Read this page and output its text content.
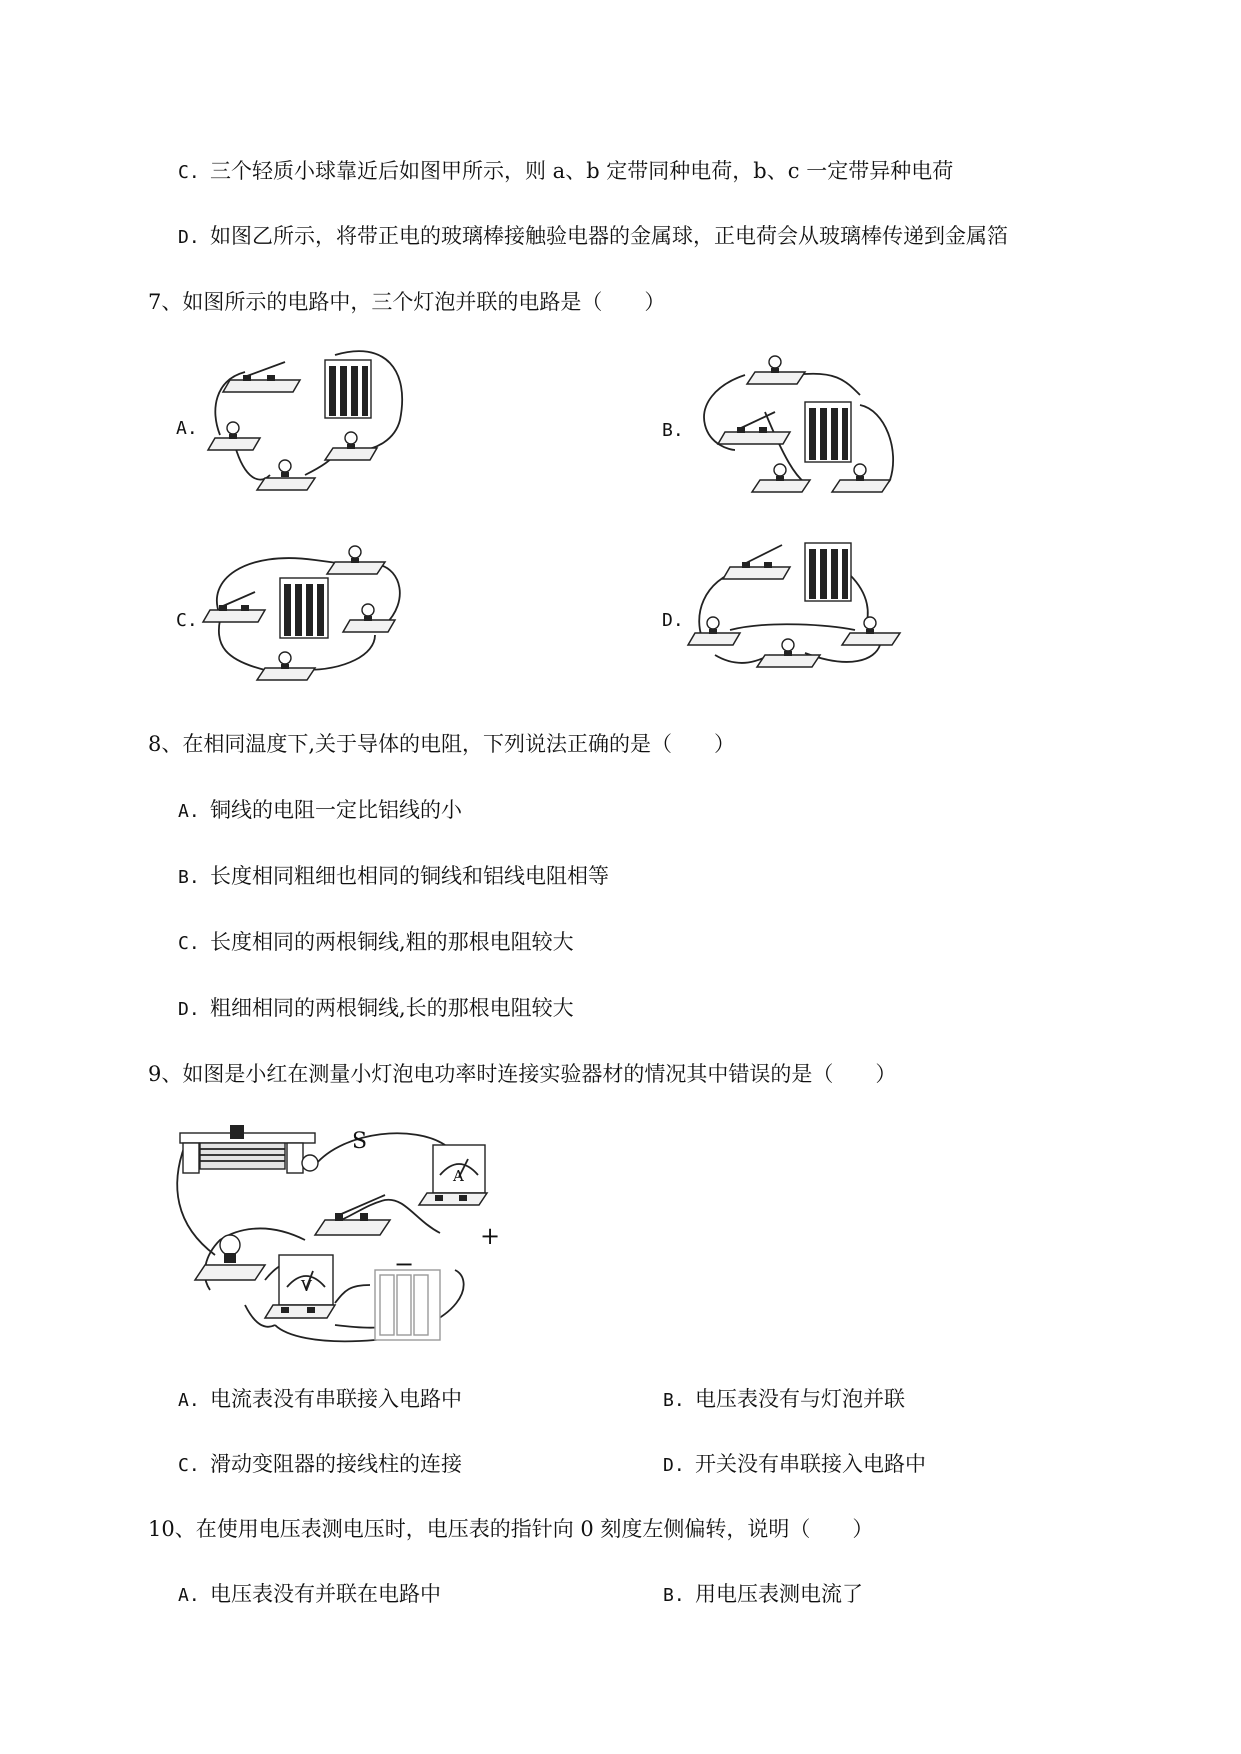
C. 三个轻质小球靠近后如图甲所示，则 a、b 定带同种电荷，b、c 一定带异种电荷
D. 如图乙所示，将带正电的玻璃棒接触验电器的金属球，正电荷会从玻璃棒传递到金属箔
7、如图所示的电路中，三个灯泡并联的电路是（　　）
A.	B.
C.	D.
8、在相同温度下,关于导体的电阻，下列说法正确的是（　　）
A. 铜线的电阻一定比铝线的小
B. 长度相同粗细也相同的铜线和铝线电阻相等
C. 长度相同的两根铜线,粗的那根电阻较大
D. 粗细相同的两根铜线,长的那根电阻较大
9、如图是小红在测量小灯泡电功率时连接实验器材的情况其中错误的是（　　）
S
A
V
+
−
A. 电流表没有串联接入电路中	B. 电压表没有与灯泡并联
C. 滑动变阻器的接线柱的连接	D. 开关没有串联接入电路中
10、在使用电压表测电压时，电压表的指针向 0 刻度左侧偏转，说明（　　）
A. 电压表没有并联在电路中	B. 用电压表测电流了
